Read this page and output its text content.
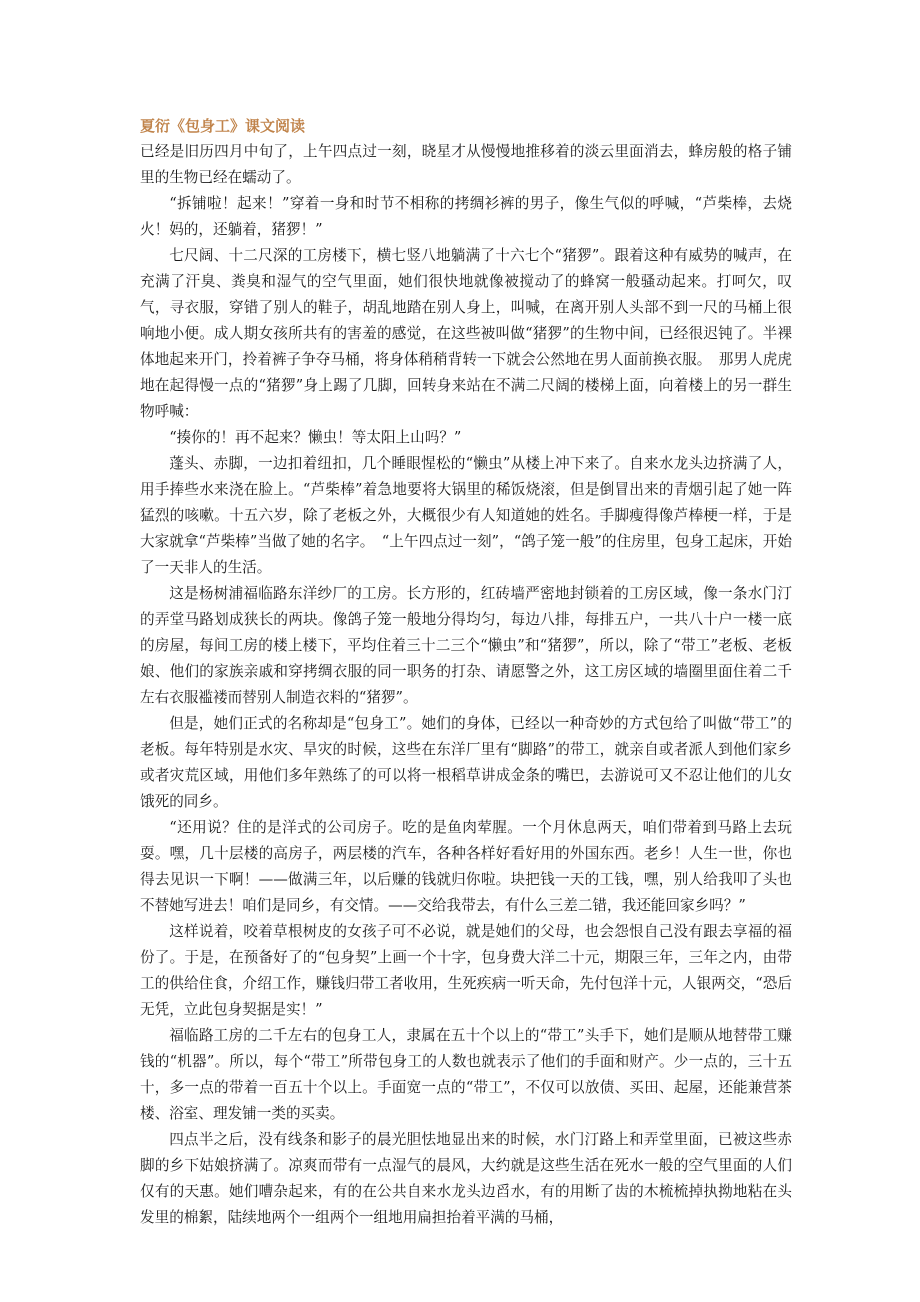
夏衍《包身工》课文阅读

已经是旧历四月中旬了，上午四点过一刻，晓星才从慢慢地推移着的淡云里面消去，蜂房般的格子铺里的生物已经在蠕动了。

“拆铺啦！起来！”穿着一身和时节不相称的拷绸衫裤的男子，像生气似的呼喊，“芦柴棒，去烧火！妈的，还躺着，猪猡！”

七尺阔、十二尺深的工房楼下，横七竖八地躺满了十六七个“猪猡”。跟着这种有威势的喊声，在充满了汗臭、粪臭和湿气的空气里面，她们很快地就像被搅动了的蜂窝一般骚动起来。打呵欠，叹气，寻衣服，穿错了别人的鞋子，胡乱地踏在别人身上，叫喊，在离开别人头部不到一尺的马桶上很响地小便。成人期女孩所共有的害羞的感觉，在这些被叫做“猪猡”的生物中间，已经很迟钝了。半裸体地起来开门，拎着裤子争夺马桶，将身体稍稍背转一下就会公然地在男人面前换衣服。　那男人虎虎地在起得慢一点的“猪猡”身上踢了几脚，回转身来站在不满二尺阔的楼梯上面，向着楼上的另一群生物呼喊：

“揍你的！再不起来？懒虫！等太阳上山吗？”

蓬头、赤脚，一边扣着纽扣，几个睡眼惺松的“懒虫”从楼上冲下来了。自来水龙头边挤满了人，用手捧些水来浇在脸上。“芦柴棒”着急地要将大锅里的稀饭烧滚，但是倒冒出来的青烟引起了她一阵猛烈的咳嗽。十五六岁，除了老板之外，大概很少有人知道她的姓名。手脚瘦得像芦棒梗一样，于是大家就拿“芦柴棒”当做了她的名字。　“上午四点过一刻”，“鸽子笼一般”的住房里，包身工起床，开始了一天非人的生活。

这是杨树浦福临路东洋纱厂的工房。长方形的，红砖墙严密地封锁着的工房区域，像一条水门汀的弄堂马路划成狭长的两块。像鸽子笼一般地分得均匀，每边八排，每排五户，一共八十户一楼一底的房屋，每间工房的楼上楼下，平均住着三十二三个“懒虫”和“猪猡”，所以，除了“带工”老板、老板娘、他们的家族亲戚和穿拷绸衣服的同一职务的打杂、请愿警之外，这工房区域的墙圈里面住着二千左右衣服褴褛而替别人制造衣料的“猪猡”。

但是，她们正式的名称却是“包身工”。她们的身体，已经以一种奇妙的方式包给了叫做“带工”的老板。每年特别是水灾、旱灾的时候，这些在东洋厂里有“脚路”的带工，就亲自或者派人到他们家乡或者灾荒区域，用他们多年熟练了的可以将一根稻草讲成金条的嘴巴，去游说可又不忍让他们的儿女饿死的同乡。

“还用说？住的是洋式的公司房子。吃的是鱼肉荤腥。一个月休息两天，咱们带着到马路上去玩耍。嘿，几十层楼的高房子，两层楼的汽车，各种各样好看好用的外国东西。老乡！人生一世，你也得去见识一下啊！——做满三年，以后赚的钱就归你啦。块把钱一天的工钱，嘿，别人给我叩了头也不替她写进去！咱们是同乡，有交情。——交给我带去，有什么三差二错，我还能回家乡吗？”

这样说着，咬着草根树皮的女孩子可不必说，就是她们的父母，也会怨恨自己没有跟去享福的福份了。于是，在预备好了的“包身契”上画一个十字，包身费大洋二十元，期限三年，三年之内，由带工的供给住食，介绍工作，赚钱归带工者收用，生死疾病一听天命，先付包洋十元，人银两交，“恐后无凭，立此包身契据是实！”

福临路工房的二千左右的包身工人，隶属在五十个以上的“带工”头手下，她们是顺从地替带工赚钱的“机器”。所以，每个“带工”所带包身工的人数也就表示了他们的手面和财产。少一点的，三十五十，多一点的带着一百五十个以上。手面宽一点的“带工”，不仅可以放债、买田、起屋，还能兼营茶楼、浴室、理发铺一类的买卖。

四点半之后，没有线条和影子的晨光胆怯地显出来的时候，水门汀路上和弄堂里面，已被这些赤脚的乡下姑娘挤满了。凉爽而带有一点湿气的晨风，大约就是这些生活在死水一般的空气里面的人们仅有的天惠。她们嘈杂起来，有的在公共自来水龙头边舀水，有的用断了齿的木梳梳掉执拗地粘在头发里的棉絮，陆续地两个一组两个一组地用扁担抬着平满的马桶，
